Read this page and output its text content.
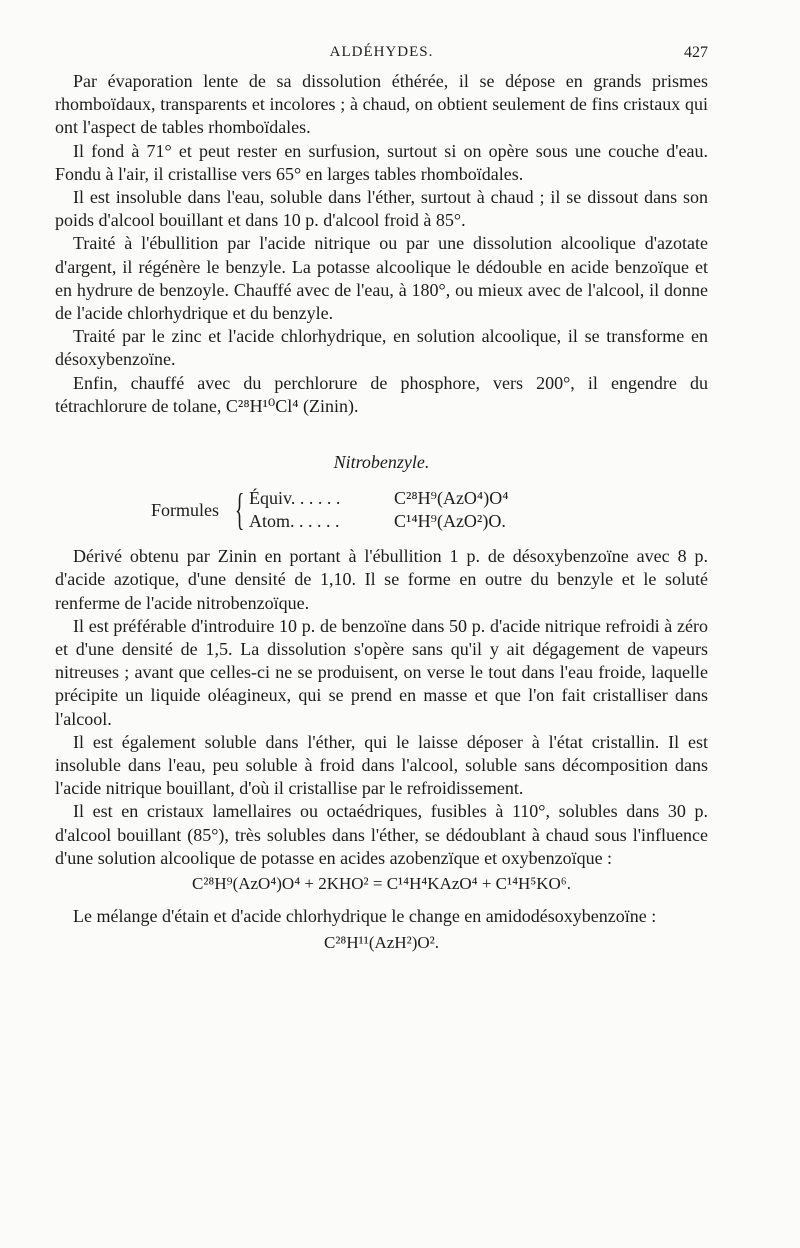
ALDÉHYDES.	427

Par évaporation lente de sa dissolution éthérée, il se dépose en grands prismes rhomboïdaux, transparents et incolores ; à chaud, on obtient seulement de fins cristaux qui ont l'aspect de tables rhomboïdales.

Il fond à 71° et peut rester en surfusion, surtout si on opère sous une couche d'eau. Fondu à l'air, il cristallise vers 65° en larges tables rhomboïdales.

Il est insoluble dans l'eau, soluble dans l'éther, surtout à chaud ; il se dissout dans son poids d'alcool bouillant et dans 10 p. d'alcool froid à 85°.

Traité à l'ébullition par l'acide nitrique ou par une dissolution alcoolique d'azotate d'argent, il régénère le benzyle. La potasse alcoolique le dédouble en acide benzoïque et en hydrure de benzoyle. Chauffé avec de l'eau, à 180°, ou mieux avec de l'alcool, il donne de l'acide chlorhydrique et du benzyle.

Traité par le zinc et l'acide chlorhydrique, en solution alcoolique, il se transforme en désoxybenzoïne.

Enfin, chauffé avec du perchlorure de phosphore, vers 200°, il engendre du tétrachlorure de tolane, C²⁸H¹⁰Cl⁴ (Zinin).

Nitrobenzyle.
Formules { Équiv. . . . . .	C²⁸H⁹(AzO⁴)O⁴
Atom. . . . . .	C¹⁴H⁹(AzO²)O.

Dérivé obtenu par Zinin en portant à l'ébullition 1 p. de désoxybenzoïne avec 8 p. d'acide azotique, d'une densité de 1,10. Il se forme en outre du benzyle et le soluté renferme de l'acide nitrobenzoïque.

Il est préférable d'introduire 10 p. de benzoïne dans 50 p. d'acide nitrique refroidi à zéro et d'une densité de 1,5. La dissolution s'opère sans qu'il y ait dégagement de vapeurs nitreuses ; avant que celles-ci ne se produisent, on verse le tout dans l'eau froide, laquelle précipite un liquide oléagineux, qui se prend en masse et que l'on fait cristalliser dans l'alcool.

Il est également soluble dans l'éther, qui le laisse déposer à l'état cristallin. Il est insoluble dans l'eau, peu soluble à froid dans l'alcool, soluble sans décomposition dans l'acide nitrique bouillant, d'où il cristallise par le refroidissement.

Il est en cristaux lamellaires ou octaédriques, fusibles à 110°, solubles dans 30 p. d'alcool bouillant (85°), très solubles dans l'éther, se dédoublant à chaud sous l'influence d'une solution alcoolique de potasse en acides azobenzïque et oxybenzoïque :

C²⁸H⁹(AzO⁴)O⁴ + 2KHO² = C¹⁴H⁴KAzO⁴ + C¹⁴H⁵KO⁶.

Le mélange d'étain et d'acide chlorhydrique le change en amidodésoxybenzoïne :

C²⁸H¹¹(AzH²)O².
